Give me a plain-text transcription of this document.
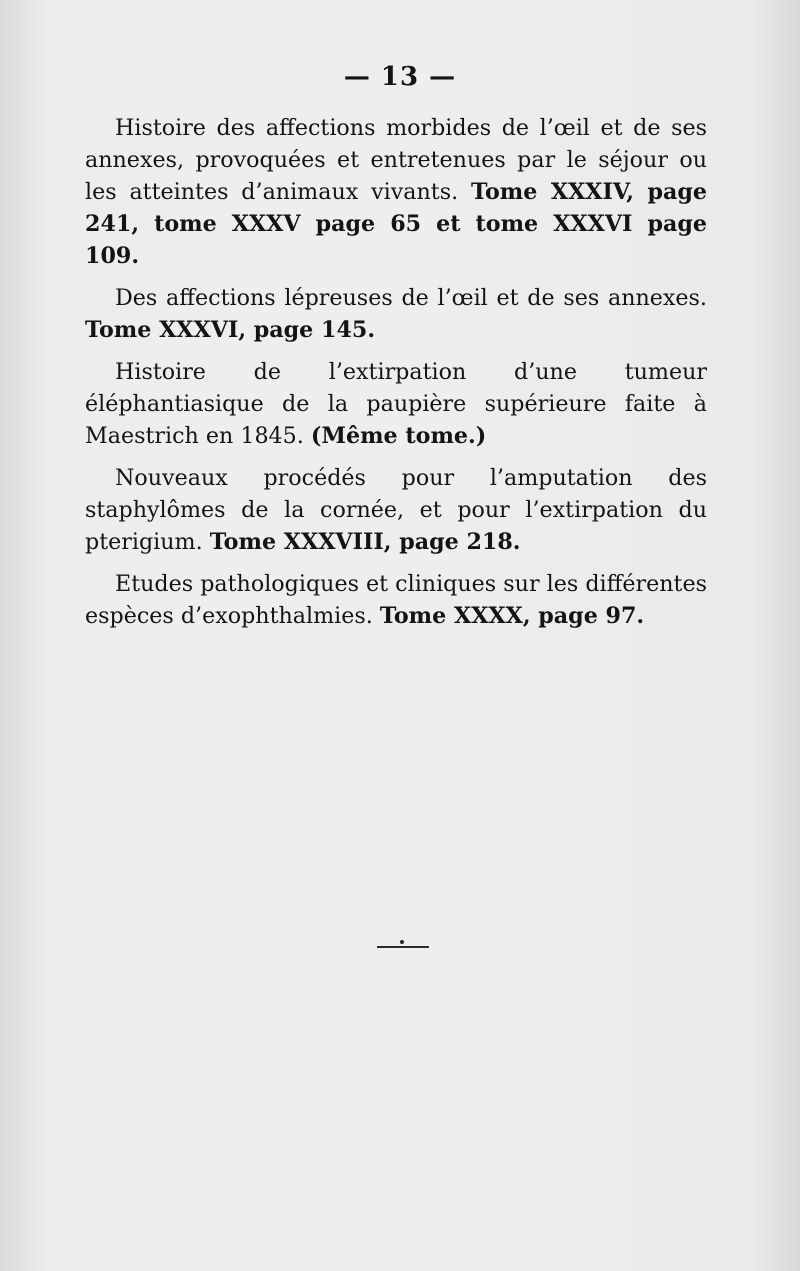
— 13 —

Histoire des affections morbides de l’œil et de ses annexes, provoquées et entretenues par le séjour ou les atteintes d’animaux vivants. Tome XXXIV, page 241, tome XXXV page 65 et tome XXXVI page 109.

Des affections lépreuses de l’œil et de ses annexes. Tome XXXVI, page 145.

Histoire de l’extirpation d’une tumeur éléphantiasique de la paupière supérieure faite à Maestrich en 1845. (Même tome.)

Nouveaux procédés pour l’amputation des staphylômes de la cornée, et pour l’extirpation du pterigium. Tome XXXVIII, page 218.

Etudes pathologiques et cliniques sur les différentes espèces d’exophthalmies. Tome XXXX, page 97.
